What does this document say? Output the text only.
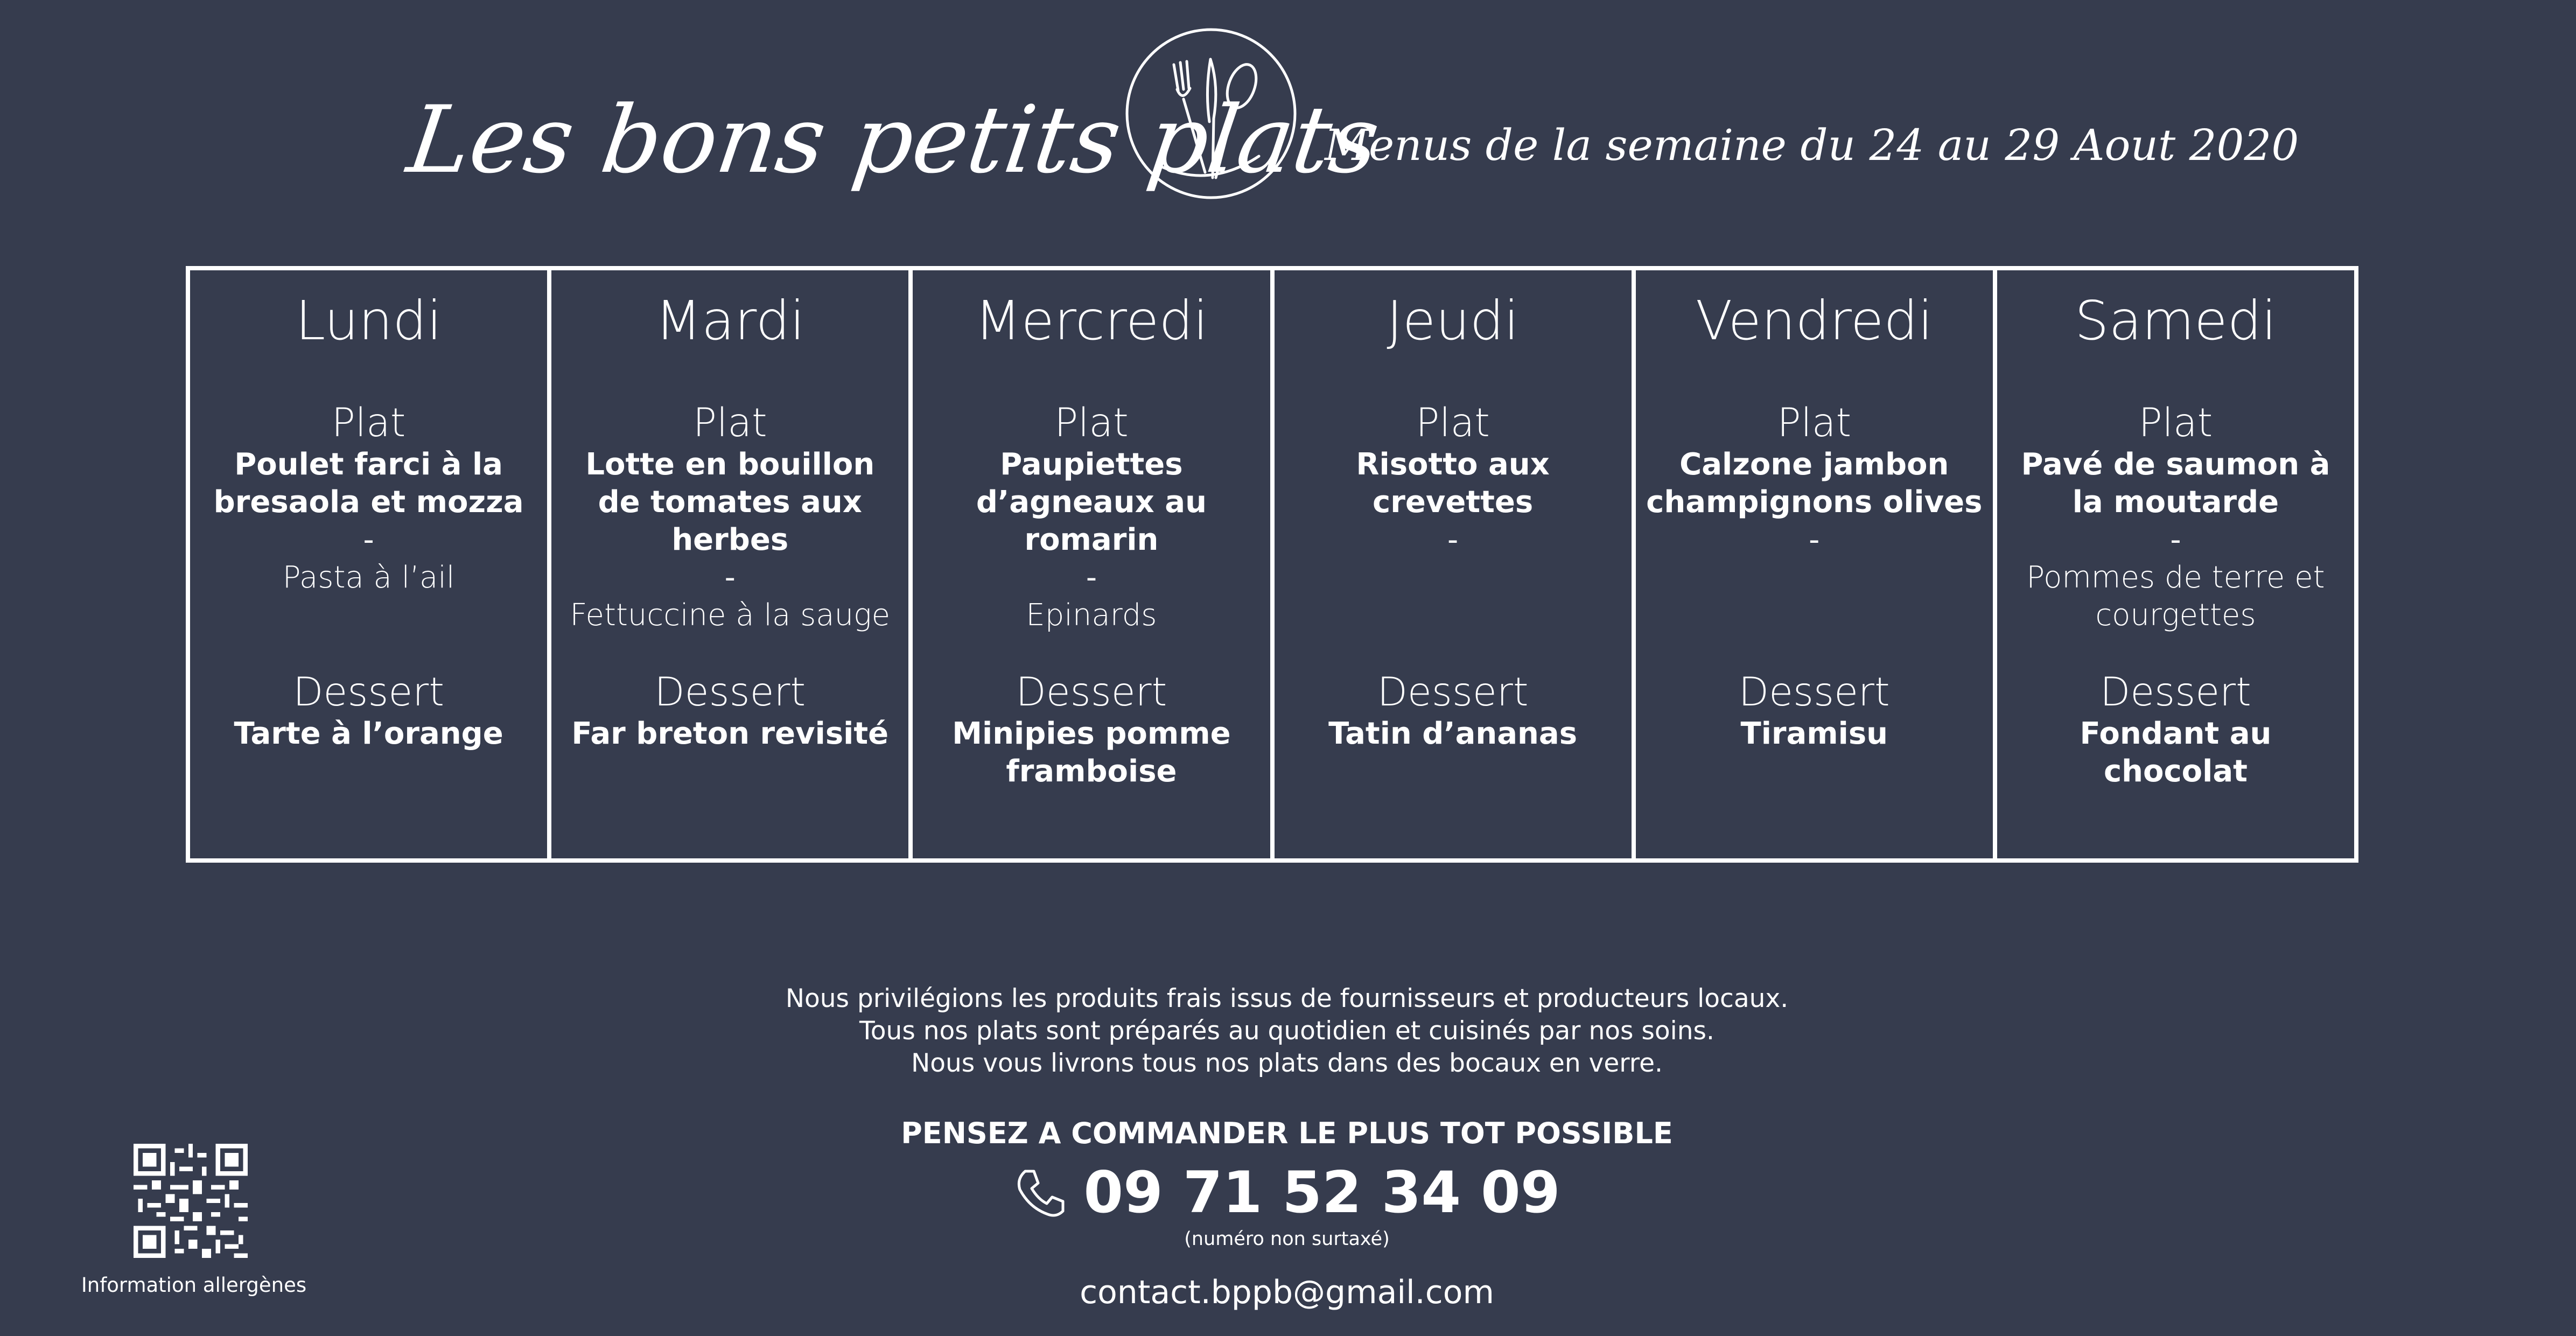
Les bons petits plats
Menus de la semaine du 24 au 29 Aout 2020
Lundi
Plat
Poulet farci à la bresaola et mozza
-
Pasta à l’ail
Dessert
Tarte à l’orange
Mardi
Plat
Lotte en bouillon de tomates aux herbes
-
Fettuccine à la sauge
Dessert
Far breton revisité
Mercredi
Plat
Paupiettes d’agneaux au romarin
-
Epinards
Dessert
Minipies pomme framboise
Jeudi
Plat
Risotto aux crevettes
-
Dessert
Tatin d’ananas
Vendredi
Plat
Calzone jambon champignons olives
-
Dessert
Tiramisu
Samedi
Plat
Pavé de saumon à la moutarde
-
Pommes de terre et courgettes
Dessert
Fondant au chocolat
Nous privilégions les produits frais issus de fournisseurs et producteurs locaux.
Tous nos plats sont préparés au quotidien et cuisinés par nos soins.
Nous vous livrons tous nos plats dans des bocaux en verre.
PENSEZ A COMMANDER LE PLUS TOT POSSIBLE
09 71 52 34 09
(numéro non surtaxé)
contact.bppb@gmail.com
Information allergènes
